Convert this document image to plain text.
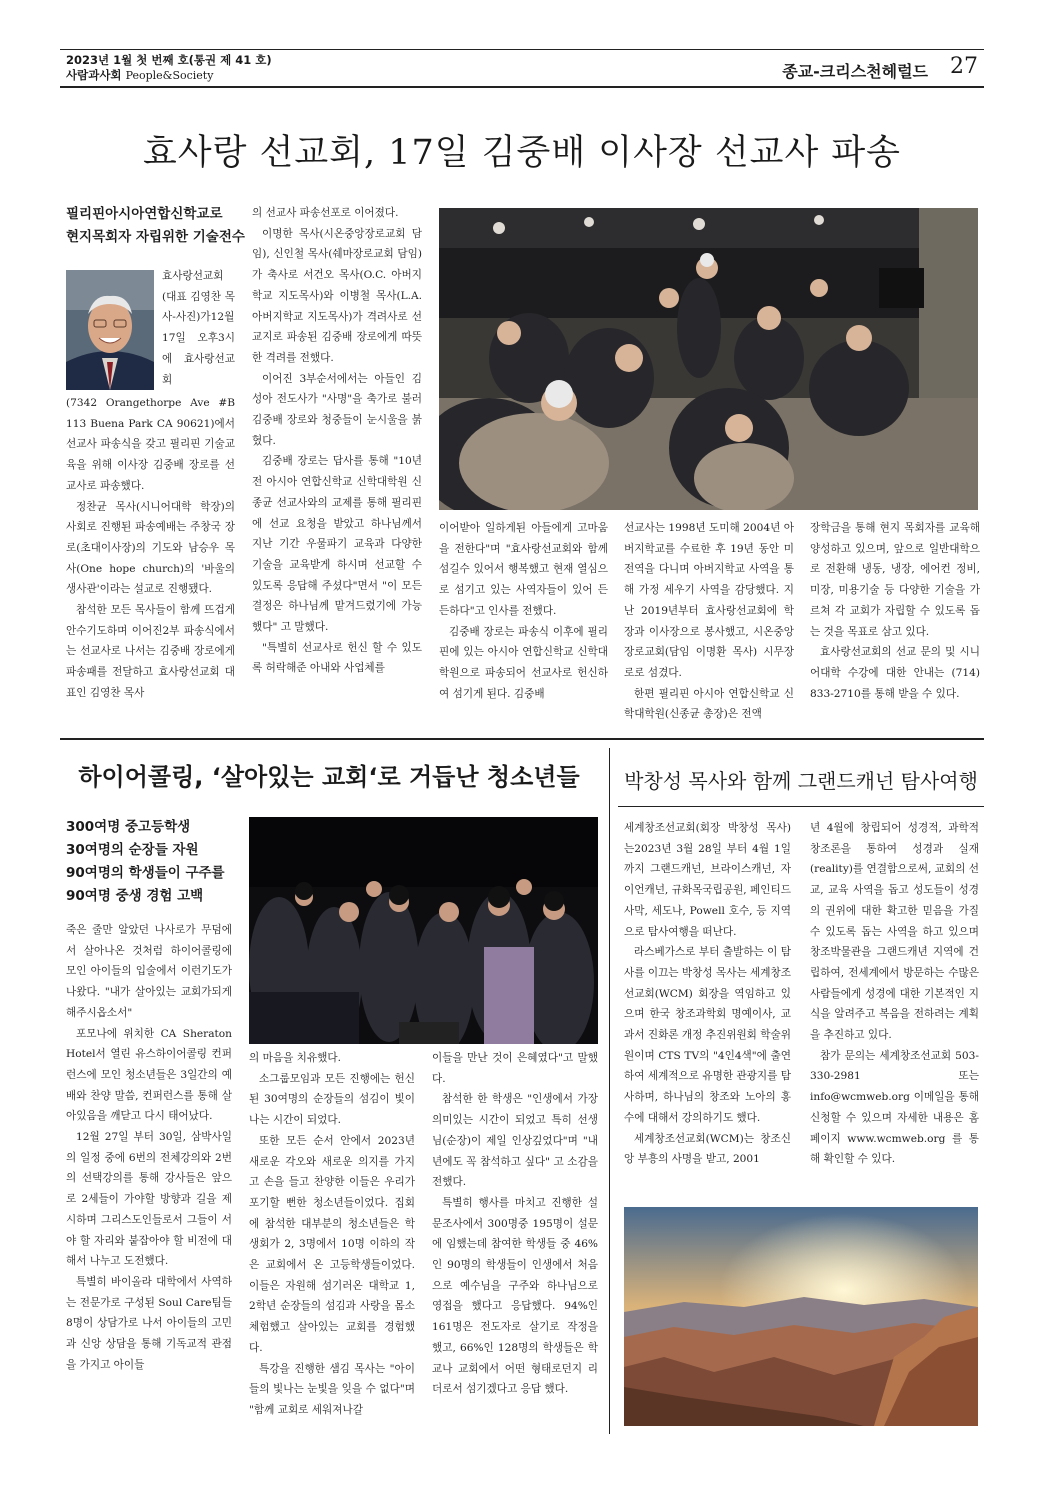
2023년 1월 첫 번째 호(통권 제 41 호)
사람과사회 People&Society	종교-크리스천헤럴드 27
효사랑 선교회, 17일 김중배 이사장 선교사 파송
필리핀아시아연합신학교로
현지목회자 자립위한 기술전수

효사랑선교회(대표 김영찬 목사-사진)가12월 17일 오후3시에 효사랑선교회

(7342 Orangethorpe Ave #B 113 Buena Park CA 90621)에서 선교사 파송식을 갖고 필리핀 기술교육을 위해 이사장 김중배 장로를 선교사로 파송했다.

정찬균 목사(시니어대학 학장)의 사회로 진행된 파송예배는 주창국 장로(초대이사장)의 기도와 남승우 목사(One hope church)의 '바울의 생사관'이라는 설교로 진행됐다.

참석한 모든 목사들이 함께 뜨겁게 안수기도하며 이어진2부 파송식에서는 선교사로 나서는 김중배 장로에게 파송패를 전달하고 효사랑선교회 대표인 김영찬 목사

의 선교사 파송선포로 이어졌다.

이명한 목사(시온중앙장로교회 담임), 신인철 목사(쉐마장로교회 담임)가 축사로 서건오 목사(O.C. 아버지학교 지도목사)와 이병철 목사(L.A. 아버지학교 지도목사)가 격려사로 선교지로 파송된 김중배 장로에게 따뜻한 격려를 전했다.

이어진 3부순서에서는 아들인 김성아 전도사가 "사명"을 축가로 불러 김중배 장로와 청중들이 눈시울을 붉혔다.

김중배 장로는 답사를 통해 "10년 전 아시아 연합신학교 신학대학원 신종균 선교사와의 교제를 통해 필리핀에 선교 요청을 받았고 하나님께서 지난 기간 우물파기 교육과 다양한 기술을 교육받게 하시며 선교할 수 있도록 응답해 주셨다"면서 "이 모든 결정은 하나님께 맡겨드렸기에 가능했다" 고 말했다.

"특별히 선교사로 헌신 할 수 있도록 허락해준 아내와 사업체를

이어받아 일하게된 아들에게 고마움을 전한다"며 "효사랑선교회와 함께 섬길수 있어서 행복했고 현재 열심으로 섬기고 있는 사역자들이 있어 든든하다"고 인사를 전했다.

김중배 장로는 파송식 이후에 필리핀에 있는 아시아 연합신학교 신학대학원으로 파송되어 선교사로 헌신하여 섬기게 된다. 김중배

선교사는 1998년 도미해 2004년 아버지학교를 수료한 후 19년 동안 미 전역을 다니며 아버지학교 사역을 통해 가정 세우기 사역을 감당했다. 지난 2019년부터 효사랑선교회에 학장과 이사장으로 봉사했고, 시온중앙장로교회(담임 이명환 목사) 시무장로로 섬겼다.

한편 필리핀 아시아 연합신학교 신학대학원(신종균 총장)은 전액

장학금을 통해 현지 목회자를 교육해 양성하고 있으며, 앞으로 일반대학으로 전환해 냉동, 냉장, 에어컨 정비, 미장, 미용기술 등 다양한 기술을 가르쳐 각 교회가 자립할 수 있도록 돕는 것을 목표로 삼고 있다.

효사랑선교회의 선교 문의 및 시니어대학 수강에 대한 안내는 (714) 833-2710를 통해 받을 수 있다.

하이어콜링, ‘살아있는 교회‘로 거듭난 청소년들
300여명 중고등학생
30여명의 순장들 자원
90여명의 학생들이 구주를
90여명 중생 경험 고백

죽은 줄만 알았던 나사로가 무덤에서 살아나온 것처럼 하이어콜링에 모인 아이들의 입술에서 이런기도가 나왔다. "내가 살아있는 교회가되게 해주시옵소서"

포모나에 위치한 CA Sheraton Hotel서 열린 유스하이어콜링 컨퍼런스에 모인 청소년들은 3일간의 예배와 찬양 말씀, 컨퍼런스를 통해 살아있음을 깨닫고 다시 태어났다.

12월 27일 부터 30일, 삼박사일의 일정 중에 6번의 전체강의와 2번의 선택강의를 통해 강사들은 앞으로 2세들이 가야할 방향과 길을 제시하며 그리스도인들로서 그들이 서야 할 자리와 붙잡아야 할 비전에 대해서 나누고 도전했다.

특별히 바이올라 대학에서 사역하는 전문가로 구성된 Soul Care팀들 8명이 상담가로 나서 아이들의 고민과 신앙 상담을 통해 기독교적 관점을 가지고 아이들

의 마음을 치유했다.

소그룹모임과 모든 진행에는 헌신된 30여명의 순장들의 섬김이 빛이 나는 시간이 되었다.

또한 모든 순서 안에서 2023년 새로운 각오와 새로운 의지를 가지고 손을 들고 찬양한 이들은 우리가 포기할 뻔한 청소년들이었다. 집회에 참석한 대부분의 청소년들은 학생회가 2, 3명에서 10명 이하의 작은 교회에서 온 고등학생들이었다. 이들은 자원해 섬기러온 대학교 1, 2학년 순장들의 섬김과 사랑을 몸소 체험했고 살아있는 교회를 경험했다.

특강을 진행한 샘김 목사는 "아이들의 빛나는 눈빛을 잊을 수 없다"며 "함께 교회로 세워져나갈

이들을 만난 것이 은혜였다"고 말했다.

참석한 한 학생은 "인생에서 가장 의미있는 시간이 되었고 특히 선생님(순장)이 제일 인상깊었다"며 "내년에도 꼭 참석하고 싶다" 고 소감을 전했다.

특별히 행사를 마치고 진행한 설문조사에서 300명중 195명이 설문에 임했는데 참여한 학생들 중 46%인 90명의 학생들이 인생에서 처음으로 예수님을 구주와 하나님으로 영접을 했다고 응답했다. 94%인 161명은 전도자로 살기로 작정을 했고, 66%인 128명의 학생들은 학교나 교회에서 어떤 형태로던지 리더로서 섬기겠다고 응답 했다.

박창성 목사와 함께 그랜드캐넌 탐사여행

세계창조선교회(회장 박창성 목사)는2023년 3월 28일 부터 4월 1일까지 그랜드캐넌, 브라이스캐넌, 자이언캐넌, 규화목국립공원, 페인티드 사막, 세도나, Powell 호수, 등 지역으로 탐사여행을 떠난다.

라스베가스로 부터 출발하는 이 탐사를 이끄는 박창성 목사는 세계창조선교회(WCM) 회장을 역임하고 있으며 한국 창조과학회 명예이사, 교과서 진화론 개정 추진위원회 학술위원이며 CTS TV의 "4인4색"에 출연하여 세계적으로 유명한 관광지를 탐사하며, 하나님의 창조와 노아의 홍수에 대해서 강의하기도 했다.

세계창조선교회(WCM)는 창조신앙 부흥의 사명을 받고, 2001

년 4월에 창립되어 성경적, 과학적 창조론을 통하여 성경과 실재(reality)를 연결함으로써, 교회의 선교, 교육 사역을 돕고 성도들이 성경의 권위에 대한 확고한 믿음을 가질 수 있도록 돕는 사역을 하고 있으며 창조박물관을 그랜드캐년 지역에 건립하여, 전세계에서 방문하는 수많은 사람들에게 성경에 대한 기본적인 지식을 알려주고 복음을 전하려는 계획을 추진하고 있다.

참가 문의는 세계창조선교회 503-330-2981 또는 info@wcmweb.org 이메일을 통해 신청할 수 있으며 자세한 내용은 홈페이지 www.wcmweb.org 를 통해 확인할 수 있다.
